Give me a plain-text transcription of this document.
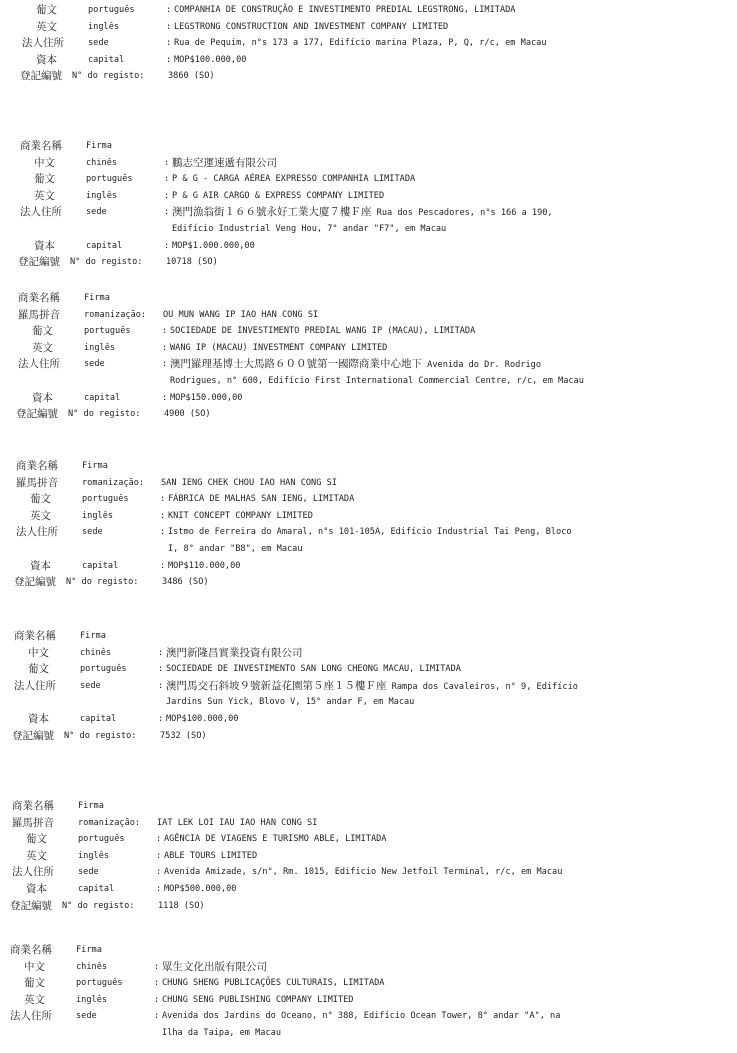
葡文	português	: COMPANHIA DE CONSTRUÇÃO E INVESTIMENTO PREDIAL LEGSTRONG, LIMITADA
英文	inglês	: LEGSTRONG CONSTRUCTION AND INVESTMENT COMPANY LIMITED
法人住所	sede	: Rua de Pequim, n°s 173 a 177, Edifício marina Plaza, P, Q, r/c, em Macau
資本	capital	: MOP$100.000,00
登記編號 N° do registo:	3860 (SO)
商業名稱	Firma
中文	chinês	: 鵬志空運速遞有限公司
葡文	português	: P & G - CARGA AÉREA EXPRESSO COMPANHIA LIMITADA
英文	inglês	: P & G AIR CARGO & EXPRESS COMPANY LIMITED
法人住所	sede	: 澳門漁翁街１６６號永好工業大廈７樓Ｆ座 Rua dos Pescadores, n°s 166 a 190,
Edifício Industrial Veng Hou, 7° andar "F7", em Macau
資本	capital	: MOP$1.000.000,00
登記編號 N° do registo:	10718 (SO)
商業名稱	Firma
羅馬拼音	romanização: OU MUN WANG IP IAO HAN CONG SI
葡文	português	: SOCIEDADE DE INVESTIMENTO PREDIAL WANG IP (MACAU), LIMITADA
英文	inglês	: WANG IP (MACAU) INVESTMENT COMPANY LIMITED
法人住所	sede	: 澳門羅理基博士大馬路６００號第一國際商業中心地下 Avenida do Dr. Rodrigo
Rodrigues, n° 600, Edifício First International Commercial Centre, r/c, em Macau
資本	capital	: MOP$150.000,00
登記編號 N° do registo:	4900 (SO)
商業名稱	Firma
羅馬拼音	romanização: SAN IENG CHEK CHOU IAO HAN CONG SI
葡文	português	: FÁBRICA DE MALHAS SAN IENG, LIMITADA
英文	inglês	: KNIT CONCEPT COMPANY LIMITED
法人住所	sede	: Istmo de Ferreira do Amaral, n°s 101-105A, Edifício Industrial Tai Peng, Bloco
I, 8° andar "B8", em Macau
資本	capital	: MOP$110.000,00
登記編號 N° do registo:	3486 (SO)
商業名稱	Firma
中文	chinês	: 澳門新隆昌實業投資有限公司
葡文	português	: SOCIEDADE DE INVESTIMENTO SAN LONG CHEONG MACAU, LIMITADA
法人住所	sede	: 澳門馬交石斜坡９號新益花園第５座１５樓Ｆ座 Rampa dos Cavaleiros, n° 9, Edifício
Jardins Sun Yick, Blovo V, 15° andar F, em Macau
資本	capital	: MOP$100.000,00
登記編號 N° do registo:	7532 (SO)
商業名稱	Firma
羅馬拼音	romanização: IAT LEK LOI IAU IAO HAN CONG SI
葡文	português	: AGÊNCIA DE VIAGENS E TURISMO ABLE, LIMITADA
英文	inglês	: ABLE TOURS LIMITED
法人住所	sede	: Avenida Amizade, s/n°, Rm. 1015, Edifício New Jetfoil Terminal, r/c, em Macau
資本	capital	: MOP$500.000,00
登記編號 N° do registo:	1118 (SO)
商業名稱	Firma
中文	chinês	: 眾生文化出版有限公司
葡文	português	: CHUNG SHENG PUBLICAÇÕES CULTURAIS, LIMITADA
英文	inglês	: CHUNG SENG PUBLISHING COMPANY LIMITED
法人住所	sede	: Avenida dos Jardins do Oceano, n° 388, Edifício Ocean Tower, 8° andar "A", na
Ilha da Taipa, em Macau
